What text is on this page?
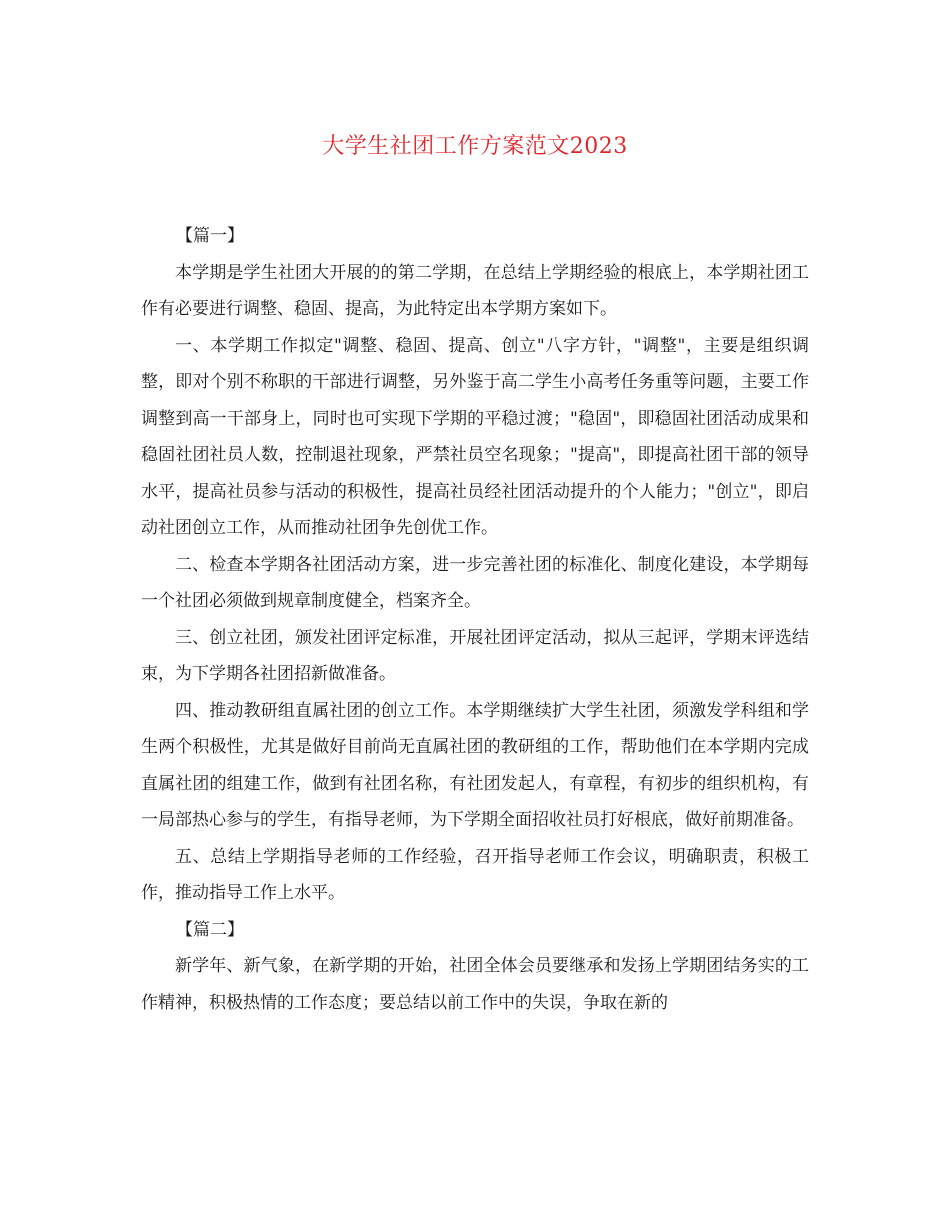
大学生社团工作方案范文2023

【篇一】

本学期是学生社团大开展的的第二学期，在总结上学期经验的根底上，本学期社团工作有必要进行调整、稳固、提高，为此特定出本学期方案如下。

一、本学期工作拟定"调整、稳固、提高、创立"八字方针，"调整"，主要是组织调整，即对个别不称职的干部进行调整，另外鉴于高二学生小高考任务重等问题，主要工作调整到高一干部身上，同时也可实现下学期的平稳过渡；"稳固"，即稳固社团活动成果和稳固社团社员人数，控制退社现象，严禁社员空名现象；"提高"，即提高社团干部的领导水平，提高社员参与活动的积极性，提高社员经社团活动提升的个人能力；"创立"，即启动社团创立工作，从而推动社团争先创优工作。

二、检查本学期各社团活动方案，进一步完善社团的标准化、制度化建设，本学期每一个社团必须做到规章制度健全，档案齐全。

三、创立社团，颁发社团评定标准，开展社团评定活动，拟从三起评，学期末评选结束，为下学期各社团招新做准备。

四、推动教研组直属社团的创立工作。本学期继续扩大学生社团，须激发学科组和学生两个积极性，尤其是做好目前尚无直属社团的教研组的工作，帮助他们在本学期内完成直属社团的组建工作，做到有社团名称，有社团发起人，有章程，有初步的组织机构，有一局部热心参与的学生，有指导老师，为下学期全面招收社员打好根底，做好前期准备。

五、总结上学期指导老师的工作经验，召开指导老师工作会议，明确职责，积极工作，推动指导工作上水平。

【篇二】

新学年、新气象，在新学期的开始，社团全体会员要继承和发扬上学期团结务实的工作精神，积极热情的工作态度；要总结以前工作中的失误，争取在新的
